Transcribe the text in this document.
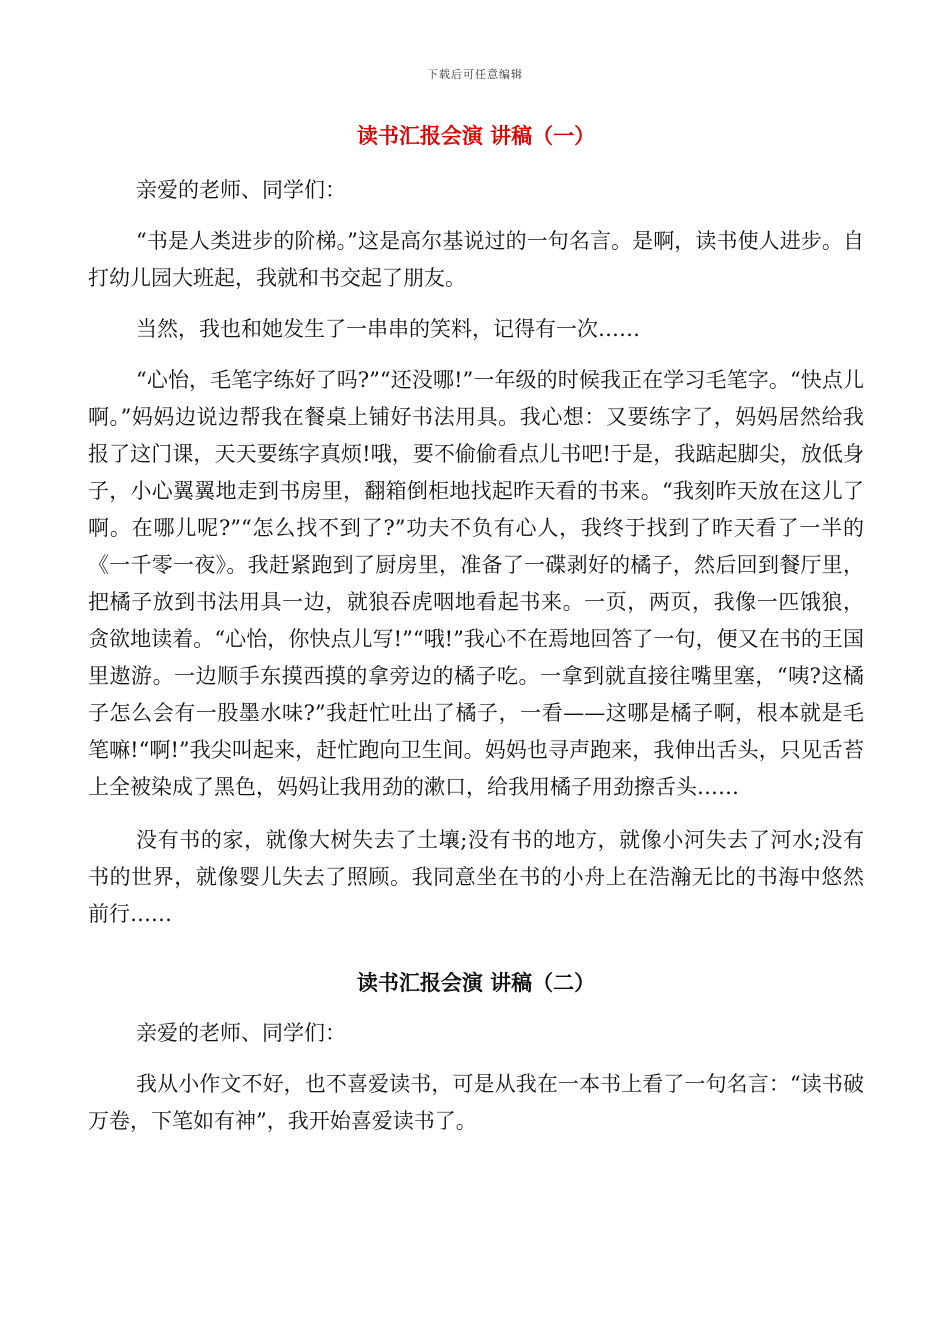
下载后可任意编辑
读书汇报会演 讲稿（一）

亲爱的老师、同学们：

“书是人类进步的阶梯。”这是高尔基说过的一句名言。是啊，读书使人进步。自打幼儿园大班起，我就和书交起了朋友。

当然，我也和她发生了一串串的笑料，记得有一次……

“心怡，毛笔字练好了吗?”“还没哪!”一年级的时候我正在学习毛笔字。“快点儿啊。”妈妈边说边帮我在餐桌上铺好书法用具。我心想：又要练字了，妈妈居然给我报了这门课，天天要练字真烦!哦，要不偷偷看点儿书吧!于是，我踮起脚尖，放低身子，小心翼翼地走到书房里，翻箱倒柜地找起昨天看的书来。“我刻昨天放在这儿了啊。在哪儿呢?”“怎么找不到了?”功夫不负有心人，我终于找到了昨天看了一半的《一千零一夜》。我赶紧跑到了厨房里，准备了一碟剥好的橘子，然后回到餐厅里，把橘子放到书法用具一边，就狼吞虎咽地看起书来。一页，两页，我像一匹饿狼，贪欲地读着。“心怡，你快点儿写!”“哦!”我心不在焉地回答了一句，便又在书的王国里遨游。一边顺手东摸西摸的拿旁边的橘子吃。一拿到就直接往嘴里塞，“咦?这橘子怎么会有一股墨水味?”我赶忙吐出了橘子，一看——这哪是橘子啊，根本就是毛笔嘛!“啊!”我尖叫起来，赶忙跑向卫生间。妈妈也寻声跑来，我伸出舌头，只见舌苔上全被染成了黑色，妈妈让我用劲的漱口，给我用橘子用劲擦舌头……

没有书的家，就像大树失去了土壤;没有书的地方，就像小河失去了河水;没有书的世界，就像婴儿失去了照顾。我同意坐在书的小舟上在浩瀚无比的书海中悠然前行……

读书汇报会演 讲稿（二）

亲爱的老师、同学们：

我从小作文不好，也不喜爱读书，可是从我在一本书上看了一句名言：“读书破万卷，下笔如有神”，我开始喜爱读书了。
